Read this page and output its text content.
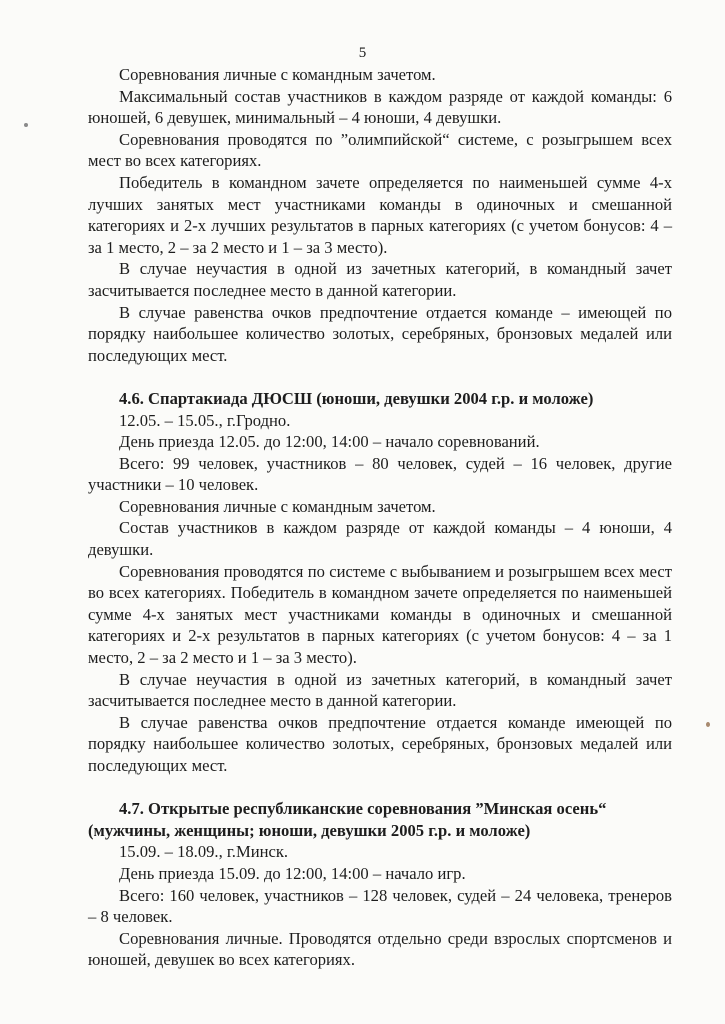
5

Соревнования личные с командным зачетом.

Максимальный состав участников в каждом разряде от каждой команды: 6 юношей, 6 девушек, минимальный – 4 юноши, 4 девушки.

Соревнования проводятся по ”олимпийской“ системе, с розыгрышем всех мест во всех категориях.

Победитель в командном зачете определяется по наименьшей сумме 4-х лучших занятых мест участниками команды в одиночных и смешанной категориях и 2-х лучших результатов в парных категориях (с учетом бонусов: 4 – за 1 место, 2 – за 2 место и 1 – за 3 место).

В случае неучастия в одной из зачетных категорий, в командный зачет засчитывается последнее место в данной категории.

В случае равенства очков предпочтение отдается команде – имеющей по порядку наибольшее количество золотых, серебряных, бронзовых медалей или последующих мест.

4.6. Спартакиада ДЮСШ (юноши, девушки 2004 г.р. и моложе)

12.05. – 15.05., г.Гродно.

День приезда 12.05. до 12:00, 14:00 – начало соревнований.

Всего: 99 человек, участников – 80 человек, судей – 16 человек, другие участники – 10 человек.

Соревнования личные с командным зачетом.

Состав участников в каждом разряде от каждой команды – 4 юноши, 4 девушки.

Соревнования проводятся по системе с выбыванием и розыгрышем всех мест во всех категориях. Победитель в командном зачете определяется по наименьшей сумме 4-х занятых мест участниками команды в одиночных и смешанной категориях и 2-х результатов в парных категориях (с учетом бонусов: 4 – за 1 место, 2 – за 2 место и 1 – за 3 место).

В случае неучастия в одной из зачетных категорий, в командный зачет засчитывается последнее место в данной категории.

В случае равенства очков предпочтение отдается команде имеющей по порядку наибольшее количество золотых, серебряных, бронзовых медалей или последующих мест.

4.7. Открытые республиканские соревнования ”Минская осень“ (мужчины, женщины; юноши, девушки 2005 г.р. и моложе)

15.09. – 18.09., г.Минск.

День приезда 15.09. до 12:00, 14:00 – начало игр.

Всего: 160 человек, участников – 128 человек, судей – 24 человека, тренеров – 8 человек.

Соревнования личные. Проводятся отдельно среди взрослых спортсменов и юношей, девушек во всех категориях.
